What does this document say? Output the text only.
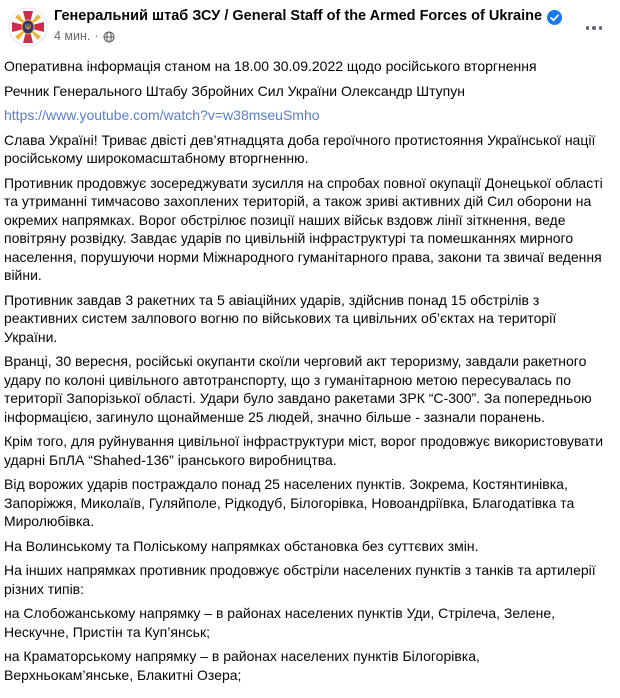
Генеральний штаб ЗСУ / General Staff of the Armed Forces of Ukraine
4 мин. ·

Оперативна інформація станом на 18.00 30.09.2022 щодо російського вторгнення

Речник Генерального Штабу Збройних Сил України Олександр Штупун

https://www.youtube.com/watch?v=w38mseuSmho

Слава Україні! Триває двісті дев’ятнадцята доба героїчного протистояння Української нації російському широкомасштабному вторгненню.

Противник продовжує зосереджувати зусилля на спробах повної окупації Донецької області та утриманні тимчасово захоплених територій, а також зриві активних дій Сил оборони на окремих напрямках. Ворог обстрілює позиції наших військ вздовж лінії зіткнення, веде повітряну розвідку. Завдає ударів по цивільній інфраструктурі та помешканнях мирного населення, порушуючи норми Міжнародного гуманітарного права, закони та звичаї ведення війни.

Противник завдав 3 ракетних та 5 авіаційних ударів, здійснив понад 15 обстрілів з реактивних систем залпового вогню по військових та цивільних об’єктах на території України.

Вранці, 30 вересня, російські окупанти скоїли черговий акт тероризму, завдали ракетного удару по колоні цивільного автотранспорту, що з гуманітарною метою пересувалась по території Запорізької області. Удари було завдано ракетами ЗРК “С-300”. За попередньою інформацією, загинуло щонайменше 25 людей, значно більше - зазнали поранень.

Крім того, для руйнування цивільної інфраструктури міст, ворог продовжує використовувати ударні БпЛА “Shahed-136” іранського виробництва.

Від ворожих ударів постраждало понад 25 населених пунктів. Зокрема, Костянтинівка, Запоріжжя, Миколаїв, Гуляйполе, Рідкодуб, Білогорівка, Новоандріївка, Благодатівка та Миролюбівка.

На Волинському та Поліському напрямках обстановка без суттєвих змін.

На інших напрямках противник продовжує обстріли населених пунктів з танків та артилерії різних типів:

на Слобожанському напрямку – в районах населених пунктів Уди, Стрілеча, Зелене, Нескучне, Пристін та Куп’янськ;

на Краматорському напрямку – в районах населених пунктів Білогорівка, Верхньокам’янське, Блакитні Озера;
